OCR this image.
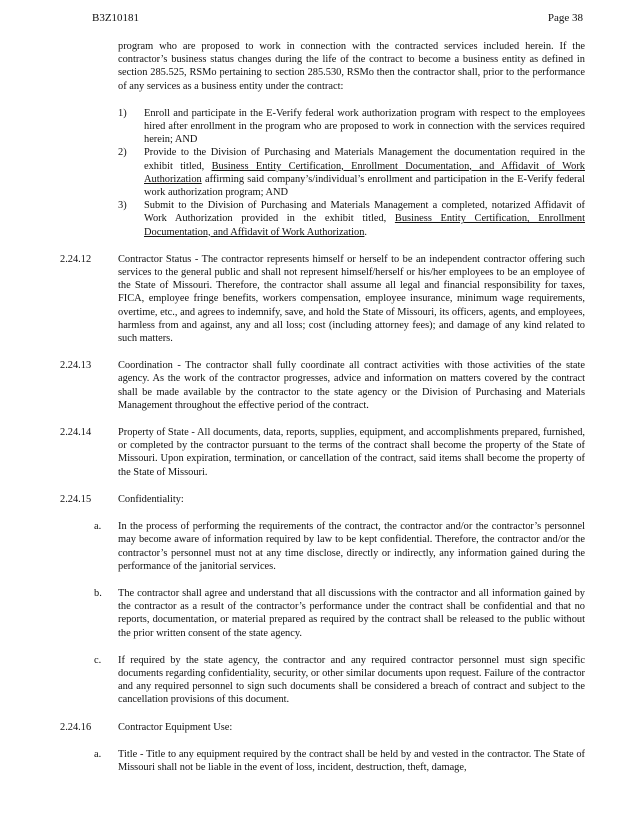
B3Z10181	Page 38
program who are proposed to work in connection with the contracted services included herein. If the contractor’s business status changes during the life of the contract to become a business entity as defined in section 285.525, RSMo pertaining to section 285.530, RSMo then the contractor shall, prior to the performance of any services as a business entity under the contract:
1) Enroll and participate in the E-Verify federal work authorization program with respect to the employees hired after enrollment in the program who are proposed to work in connection with the services required herein; AND
2) Provide to the Division of Purchasing and Materials Management the documentation required in the exhibit titled, Business Entity Certification, Enrollment Documentation, and Affidavit of Work Authorization affirming said company’s/individual’s enrollment and participation in the E-Verify federal work authorization program; AND
3) Submit to the Division of Purchasing and Materials Management a completed, notarized Affidavit of Work Authorization provided in the exhibit titled, Business Entity Certification, Enrollment Documentation, and Affidavit of Work Authorization.
2.24.12	Contractor Status - The contractor represents himself or herself to be an independent contractor offering such services to the general public and shall not represent himself/herself or his/her employees to be an employee of the State of Missouri. Therefore, the contractor shall assume all legal and financial responsibility for taxes, FICA, employee fringe benefits, workers compensation, employee insurance, minimum wage requirements, overtime, etc., and agrees to indemnify, save, and hold the State of Missouri, its officers, agents, and employees, harmless from and against, any and all loss; cost (including attorney fees); and damage of any kind related to such matters.
2.24.13	Coordination - The contractor shall fully coordinate all contract activities with those activities of the state agency. As the work of the contractor progresses, advice and information on matters covered by the contract shall be made available by the contractor to the state agency or the Division of Purchasing and Materials Management throughout the effective period of the contract.
2.24.14	Property of State - All documents, data, reports, supplies, equipment, and accomplishments prepared, furnished, or completed by the contractor pursuant to the terms of the contract shall become the property of the State of Missouri. Upon expiration, termination, or cancellation of the contract, said items shall become the property of the State of Missouri.
2.24.15	Confidentiality:
a. In the process of performing the requirements of the contract, the contractor and/or the contractor’s personnel may become aware of information required by law to be kept confidential. Therefore, the contractor and/or the contractor’s personnel must not at any time disclose, directly or indirectly, any information gained during the performance of the janitorial services.
b. The contractor shall agree and understand that all discussions with the contractor and all information gained by the contractor as a result of the contractor’s performance under the contract shall be confidential and that no reports, documentation, or material prepared as required by the contract shall be released to the public without the prior written consent of the state agency.
c. If required by the state agency, the contractor and any required contractor personnel must sign specific documents regarding confidentiality, security, or other similar documents upon request. Failure of the contractor and any required personnel to sign such documents shall be considered a breach of contract and subject to the cancellation provisions of this document.
2.24.16	Contractor Equipment Use:
a. Title - Title to any equipment required by the contract shall be held by and vested in the contractor. The State of Missouri shall not be liable in the event of loss, incident, destruction, theft, damage,
